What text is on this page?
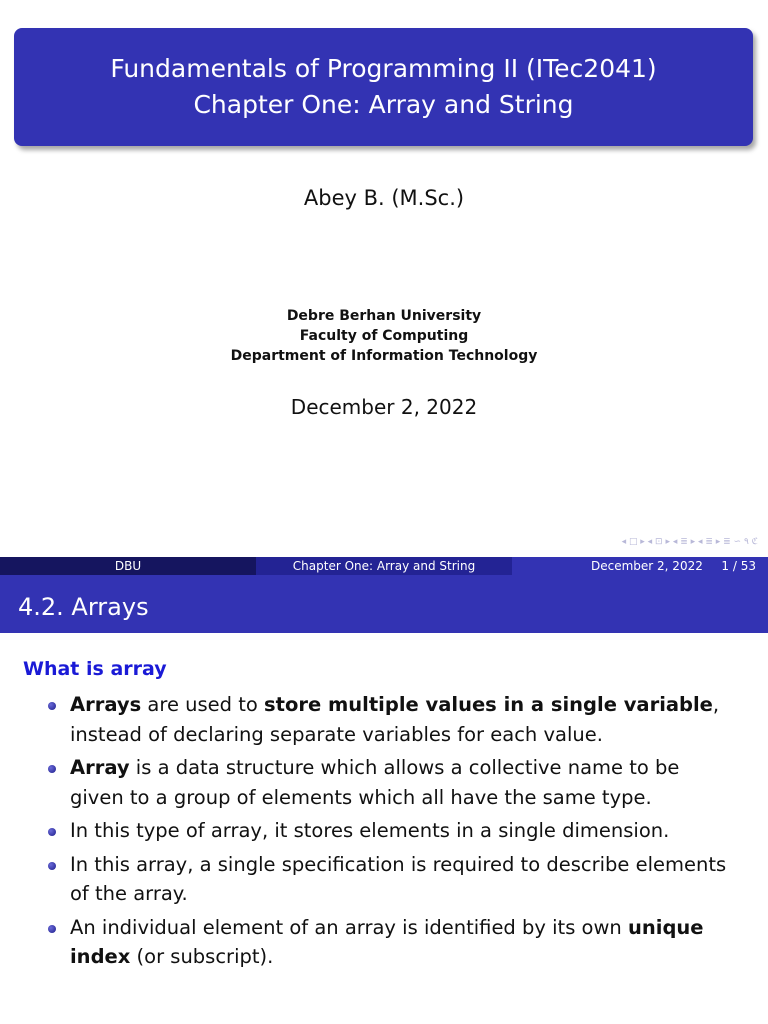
Fundamentals of Programming II (ITec2041)
Chapter One: Array and String
Abey B. (M.Sc.)
Debre Berhan University
Faculty of Computing
Department of Information Technology
December 2, 2022
◂ □ ▸ ◂ ⊡ ▸ ◂ ≣ ▸ ◂ ≣ ▸ ≣ ∽ ۹ ℭ
DBU	Chapter One: Array and String	December 2, 2022 1 / 53
4.2. Arrays
What is array
Arrays are used to store multiple values in a single variable, instead of declaring separate variables for each value.
Array is a data structure which allows a collective name to be given to a group of elements which all have the same type.
In this type of array, it stores elements in a single dimension.
In this array, a single specification is required to describe elements of the array.
An individual element of an array is identified by its own unique index (or subscript).
